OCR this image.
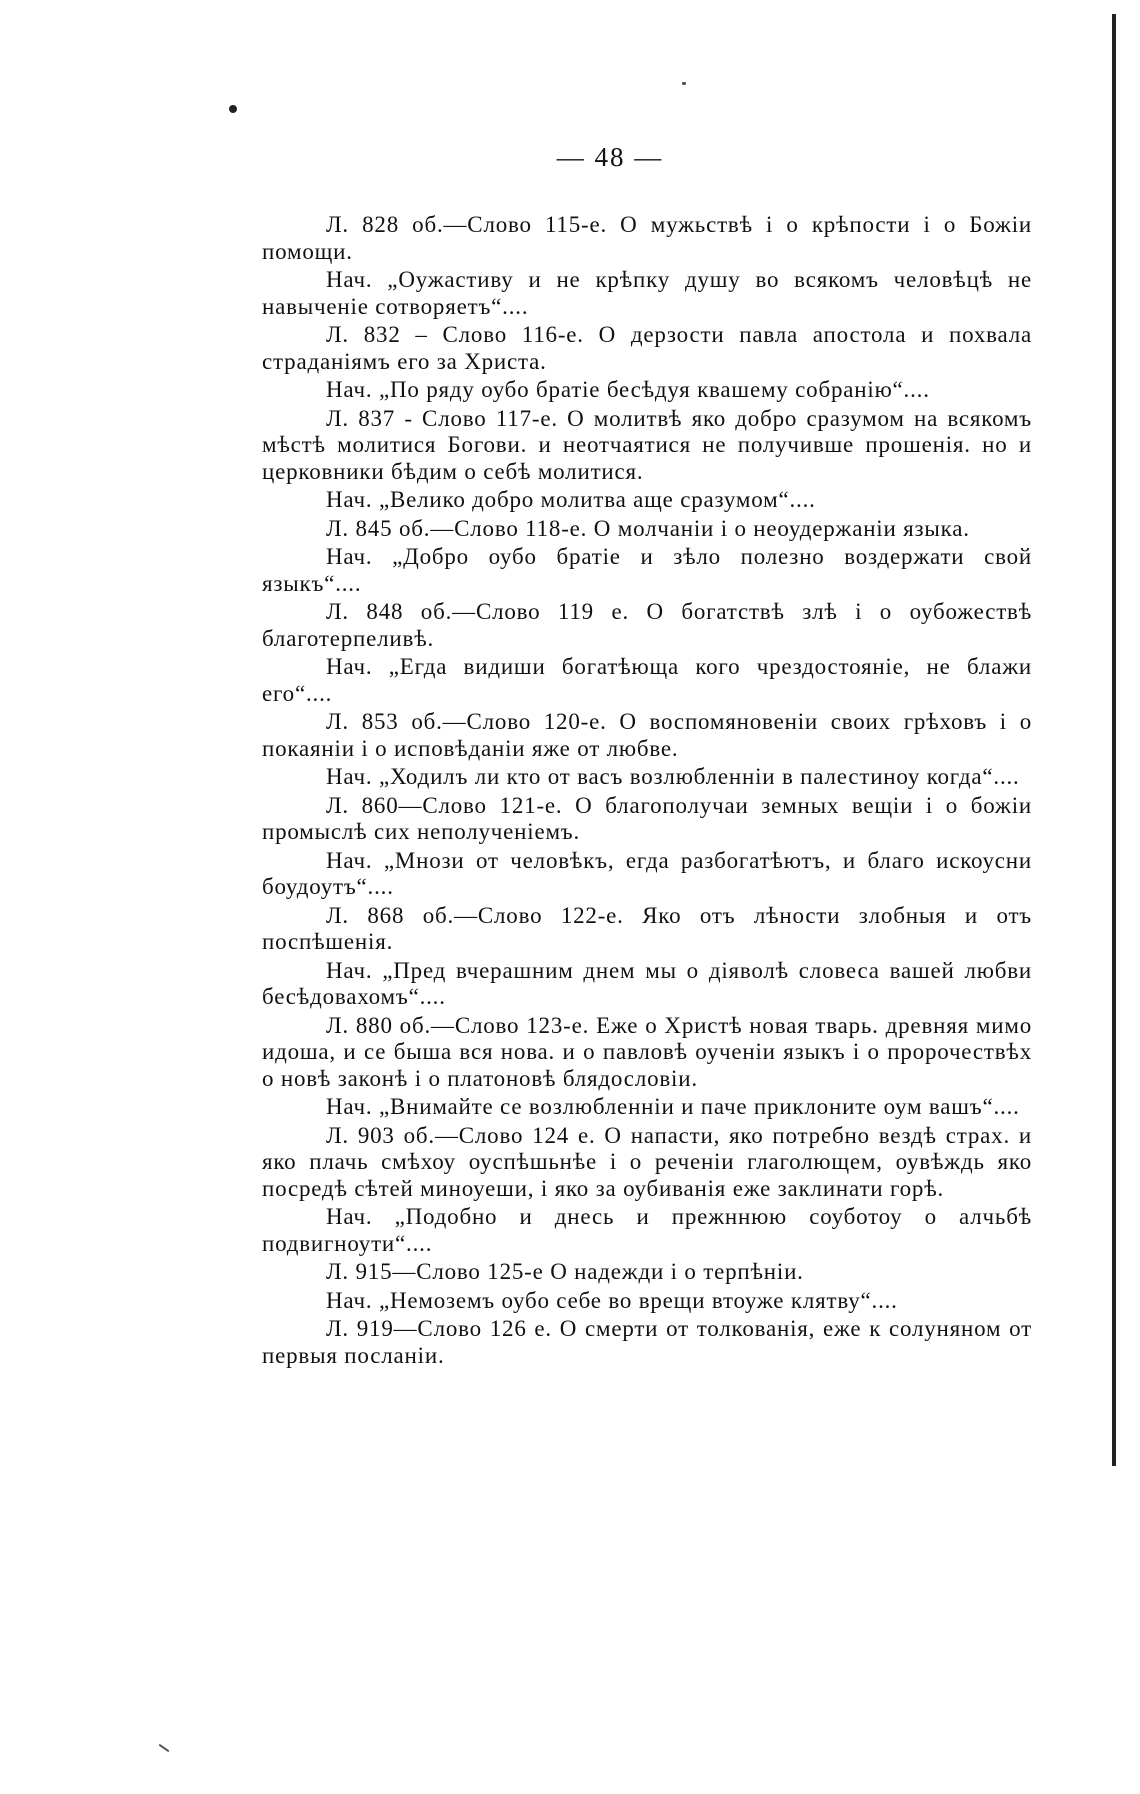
— 48 —

Л. 828 об.—Слово 115-е. О мужьствѣ і о крѣпости і о Божіи помощи.

Нач. „Оужастиву и не крѣпку душу во всякомъ человѣцѣ не навыченіе сотворяетъ“....

Л. 832 – Слово 116-е. О дерзости павла апостола и похвала страданіямъ его за Христа.

Нач. „По ряду оубо братіе бесѣдуя квашему собранію“....

Л. 837 - Слово 117-е. О молитвѣ яко добро сразумом на всякомъ мѣстѣ молитися Богови. и неотчаятися не получивше прошенія. но и церковники бѣдим о себѣ молитися.

Нач. „Велико добро молитва аще сразумом“....

Л. 845 об.—Слово 118-е. О молчаніи і о неоудержаніи языка.

Нач. „Добро оубо братіе и зѣло полезно воздержати свой языкъ“....

Л. 848 об.—Слово 119 е. О богатствѣ злѣ і о оубожествѣ благотерпеливѣ.

Нач. „Егда видиши богатѣюща кого чрездостояніе, не блажи его“....

Л. 853 об.—Слово 120-е. О воспомяновеніи своих грѣховъ і о покаяніи і о исповѣданіи яже от любве.

Нач. „Ходилъ ли кто от васъ возлюбленніи в палестиноу когда“....

Л. 860—Слово 121-е. О благополучаи земных вещіи і о божіи промыслѣ сих неполученіемъ.

Нач. „Мнози от человѣкъ, егда разбогатѣютъ, и благо искоусни боудоутъ“....

Л. 868 об.—Слово 122-е. Яко отъ лѣности злобныя и отъ поспѣшенія.

Нач. „Пред вчерашним днем мы о діяволѣ словеса вашей любви бесѣдовахомъ“....

Л. 880 об.—Слово 123-е. Еже о Христѣ новая тварь. древняя мимо идоша, и се быша вся нова. и о павловѣ оученіи языкъ і о пророчествѣх о новѣ законѣ і о платоновѣ блядословіи.

Нач. „Внимайте се возлюбленніи и паче приклоните оум вашъ“....

Л. 903 об.—Слово 124 е. О напасти, яко потребно вездѣ страх. и яко плачь смѣхоу оуспѣшьнѣе і о реченіи глаголющем, оувѣждь яко посредѣ сѣтей миноуеши, і яко за оубиванія еже заклинати горѣ.

Нач. „Подобно и днесь и прежннюю соуботоу о алчьбѣ подвигноути“....

Л. 915—Слово 125-е О надежди і о терпѣніи.

Нач. „Немоземъ оубо себе во врещи втоуже клятву“....

Л. 919—Слово 126 е. О смерти от толкованія, еже к солуняном от первыя посланіи.
